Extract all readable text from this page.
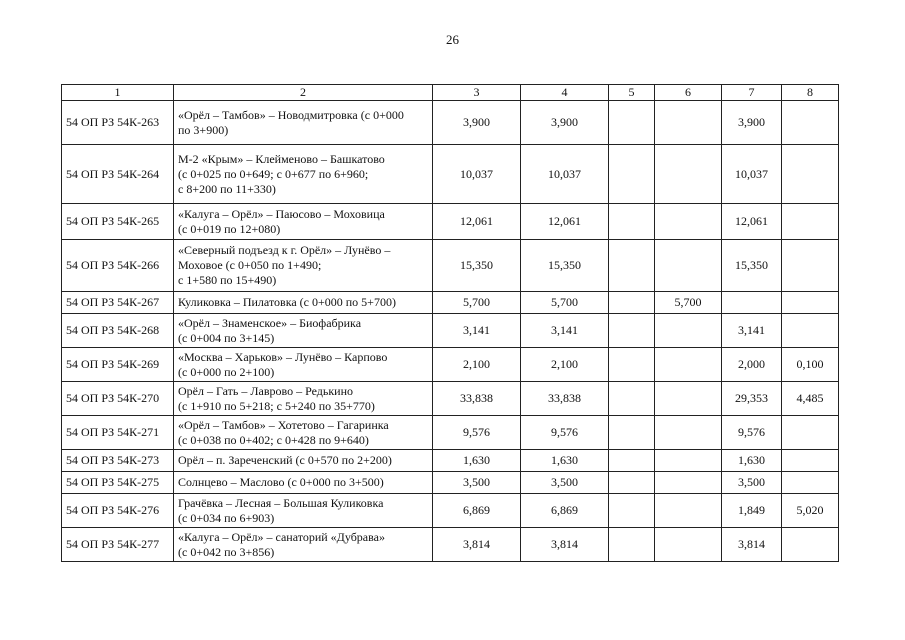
26
1	2	3	4	5	6	7	8
54 ОП РЗ 54К-263	«Орёл – Тамбов» – Новодмитровка (с 0+000
по 3+900)	3,900	3,900			3,900	
54 ОП РЗ 54К-264	М-2 «Крым» – Клейменово – Башкатово
(с 0+025 по 0+649; с 0+677 по 6+960;
с 8+200 по 11+330)	10,037	10,037			10,037	
54 ОП РЗ 54К-265	«Калуга – Орёл» – Паюсово – Моховица
(с 0+019 по 12+080)	12,061	12,061			12,061	
54 ОП РЗ 54К-266	«Северный подъезд к г. Орёл» – Лунёво –
Моховое (с 0+050 по 1+490;
с 1+580 по 15+490)	15,350	15,350			15,350	
54 ОП РЗ 54К-267	Куликовка – Пилатовка (с 0+000 по 5+700)	5,700	5,700		5,700		
54 ОП РЗ 54К-268	«Орёл – Знаменское» – Биофабрика
(с 0+004 по 3+145)	3,141	3,141			3,141	
54 ОП РЗ 54К-269	«Москва – Харьков» – Лунёво – Карпово
(с 0+000 по 2+100)	2,100	2,100			2,000	0,100
54 ОП РЗ 54К-270	Орёл – Гать – Лаврово – Редькино
(с 1+910 по 5+218; с 5+240 по 35+770)	33,838	33,838			29,353	4,485
54 ОП РЗ 54К-271	«Орёл – Тамбов» – Хотетово – Гагаринка
(с 0+038 по 0+402; с 0+428 по 9+640)	9,576	9,576			9,576	
54 ОП РЗ 54К-273	Орёл – п. Зареченский (с 0+570 по 2+200)	1,630	1,630			1,630	
54 ОП РЗ 54К-275	Солнцево – Маслово (с 0+000 по 3+500)	3,500	3,500			3,500	
54 ОП РЗ 54К-276	Грачёвка – Лесная – Большая Куликовка
(с 0+034 по 6+903)	6,869	6,869			1,849	5,020
54 ОП РЗ 54К-277	«Калуга – Орёл» – санаторий «Дубрава»
(с 0+042 по 3+856)	3,814	3,814			3,814	
